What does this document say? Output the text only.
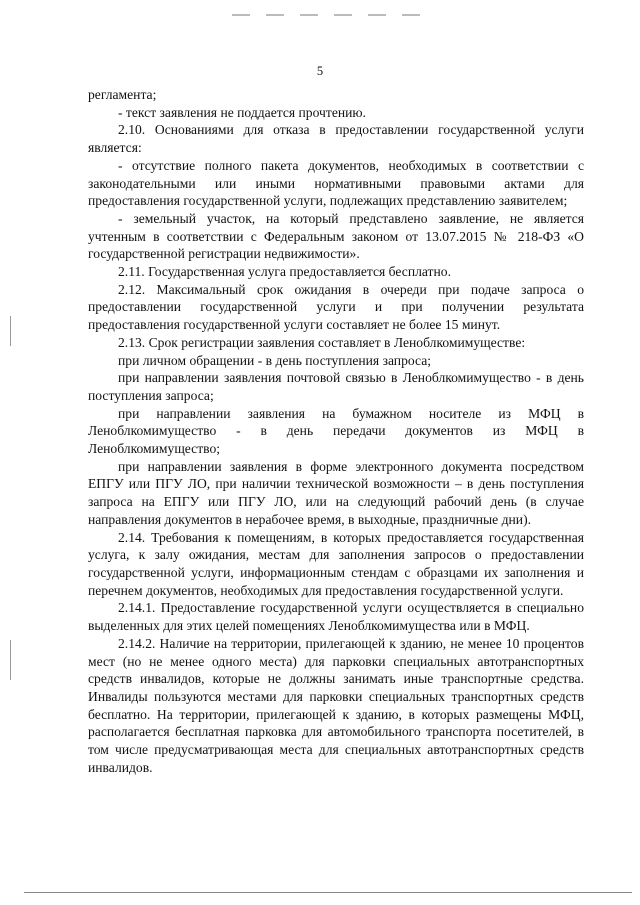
5

регламента;

- текст заявления не поддается прочтению.

2.10. Основаниями для отказа в предоставлении государственной услуги является:

- отсутствие полного пакета документов, необходимых в соответствии с законодательными или иными нормативными правовыми актами для предоставления государственной услуги, подлежащих представлению заявителем;

- земельный участок, на который представлено заявление, не является учтенным в соответствии с Федеральным законом от 13.07.2015 № 218-ФЗ «О государственной регистрации недвижимости».

2.11. Государственная услуга предоставляется бесплатно.

2.12. Максимальный срок ожидания в очереди при подаче запроса о предоставлении государственной услуги и при получении результата предоставления государственной услуги составляет не более 15 минут.

2.13. Срок регистрации заявления составляет в Леноблкомимуществе:

при личном обращении - в день поступления запроса;

при направлении заявления почтовой связью в Леноблкомимущество - в день поступления запроса;

при направлении заявления на бумажном носителе из МФЦ в Леноблкомимущество - в день передачи документов из МФЦ в Леноблкомимущество;

при направлении заявления в форме электронного документа посредством ЕПГУ или ПГУ ЛО, при наличии технической возможности – в день поступления запроса на ЕПГУ или ПГУ ЛО, или на следующий рабочий день (в случае направления документов в нерабочее время, в выходные, праздничные дни).

2.14. Требования к помещениям, в которых предоставляется государственная услуга, к залу ожидания, местам для заполнения запросов о предоставлении государственной услуги, информационным стендам с образцами их заполнения и перечнем документов, необходимых для предоставления государственной услуги.

2.14.1. Предоставление государственной услуги осуществляется в специально выделенных для этих целей помещениях Леноблкомимущества или в МФЦ.

2.14.2. Наличие на территории, прилегающей к зданию, не менее 10 процентов мест (но не менее одного места) для парковки специальных автотранспортных средств инвалидов, которые не должны занимать иные транспортные средства. Инвалиды пользуются местами для парковки специальных транспортных средств бесплатно. На территории, прилегающей к зданию, в которых размещены МФЦ, располагается бесплатная парковка для автомобильного транспорта посетителей, в том числе предусматривающая места для специальных автотранспортных средств инвалидов.
